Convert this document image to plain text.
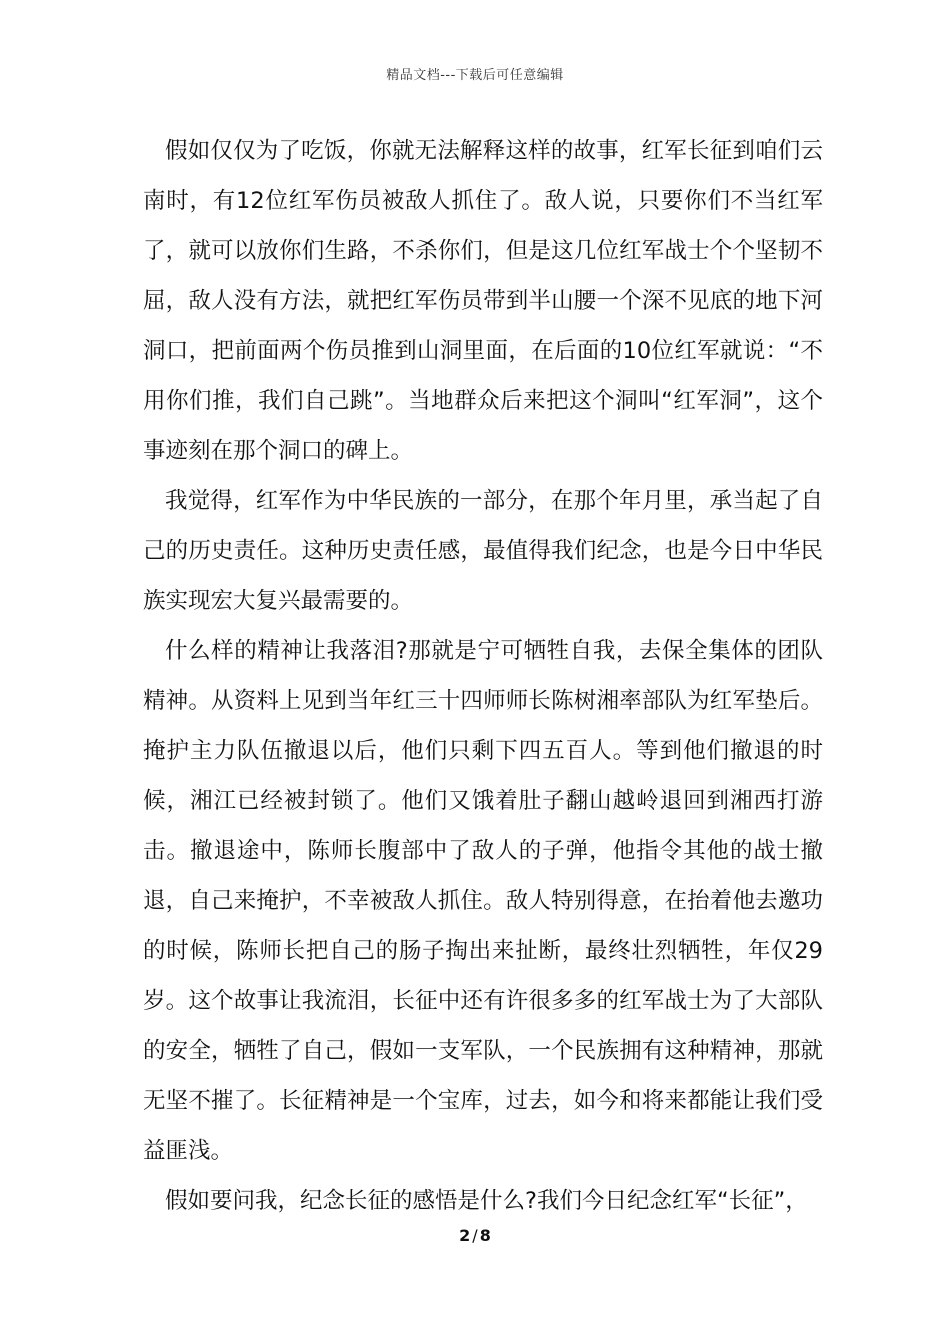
精品文档---下载后可任意编辑

假如仅仅为了吃饭，你就无法解释这样的故事，红军长征到咱们云南时，有12位红军伤员被敌人抓住了。敌人说，只要你们不当红军了，就可以放你们生路，不杀你们，但是这几位红军战士个个坚韧不屈，敌人没有方法，就把红军伤员带到半山腰一个深不见底的地下河洞口，把前面两个伤员推到山洞里面，在后面的10位红军就说：“不用你们推，我们自己跳”。当地群众后来把这个洞叫“红军洞”，这个事迹刻在那个洞口的碑上。

我觉得，红军作为中华民族的一部分，在那个年月里，承当起了自己的历史责任。这种历史责任感，最值得我们纪念，也是今日中华民族实现宏大复兴最需要的。

什么样的精神让我落泪?那就是宁可牺牲自我，去保全集体的团队精神。从资料上见到当年红三十四师师长陈树湘率部队为红军垫后。掩护主力队伍撤退以后，他们只剩下四五百人。等到他们撤退的时候，湘江已经被封锁了。他们又饿着肚子翻山越岭退回到湘西打游击。撤退途中，陈师长腹部中了敌人的子弹，他指令其他的战士撤退，自己来掩护，不幸被敌人抓住。敌人特别得意，在抬着他去邀功的时候，陈师长把自己的肠子掏出来扯断，最终壮烈牺牲，年仅29岁。这个故事让我流泪，长征中还有许很多多的红军战士为了大部队的安全，牺牲了自己，假如一支军队，一个民族拥有这种精神，那就无坚不摧了。长征精神是一个宝库，过去，如今和将来都能让我们受益匪浅。

假如要问我，纪念长征的感悟是什么?我们今日纪念红军“长征”，

2 / 8
